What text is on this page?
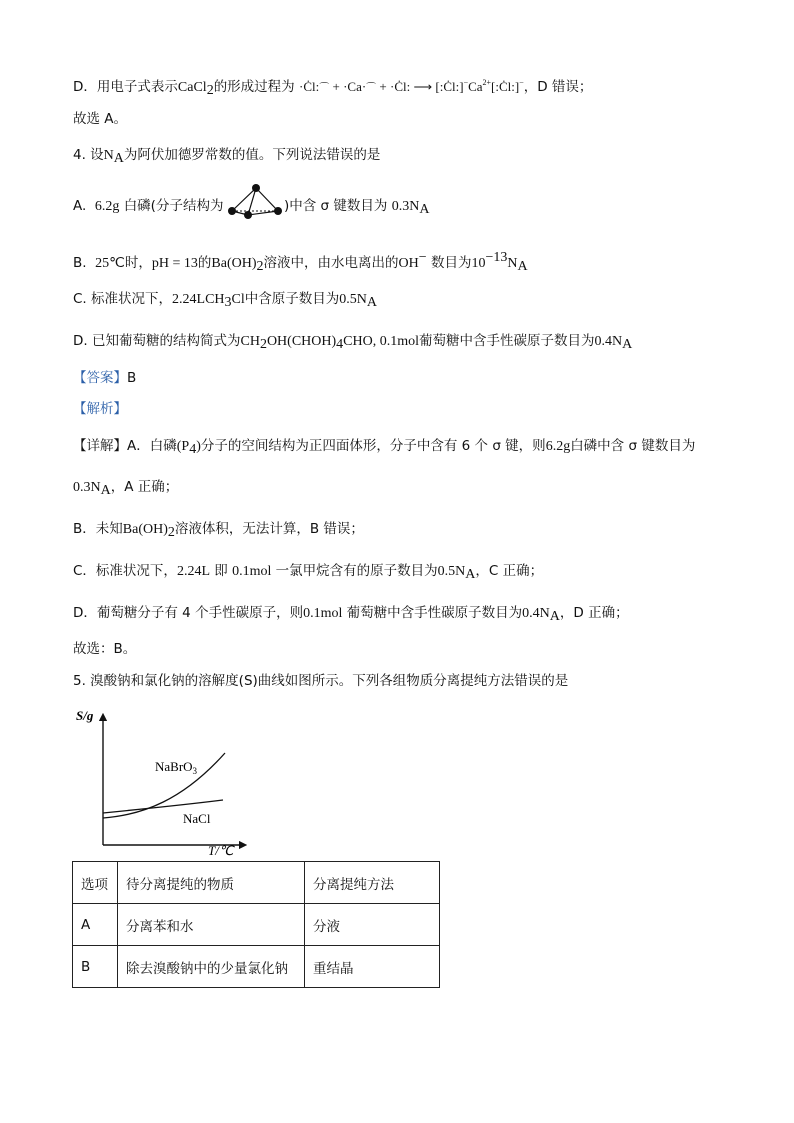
D．用电子式表示CaCl2的形成过程为 ·Ċl:⌒ + ·Ca·⌒ + ·Ċl: ⟶ $[:Ċl:]^-Ca^{2+}[:Ċl:]^-$，D 错误；
故选 A。
4. 设NA为阿伏加德罗常数的值。下列说法错误的是
A. 6.2g 白磷(分子结构为	)中含 σ 键数目为 0.3NA
B. 25℃时，pH = 13的Ba(OH)2溶液中，由水电离出的OH− 数目为10−13NA
C. 标准状况下，2.24LCH3Cl中含原子数目为0.5NA
D. 已知葡萄糖的结构简式为CH2OH(CHOH)4CHO, 0.1mol葡萄糖中含手性碳原子数目为0.4NA
【答案】B
【解析】
【详解】A．白磷(P4)分子的空间结构为正四面体形，分子中含有 6 个 σ 键，则6.2g白磷中含 σ 键数目为
0.3NA，A 正确；
B．未知Ba(OH)2溶液体积，无法计算，B 错误；
C．标准状况下，2.24L 即 0.1mol 一氯甲烷含有的原子数目为0.5NA，C 正确；
D．葡萄糖分子有 4 个手性碳原子，则0.1mol 葡萄糖中含手性碳原子数目为0.4NA，D 正确；
故选：B。
5. 溴酸钠和氯化钠的溶解度(S)曲线如图所示。下列各组物质分离提纯方法错误的是
S/g
T/℃
NaBrO$_3$
NaCl
选项	待分离提纯的物质	分离提纯方法
A	分离苯和水	分液
B	除去溴酸钠中的少量氯化钠	重结晶
